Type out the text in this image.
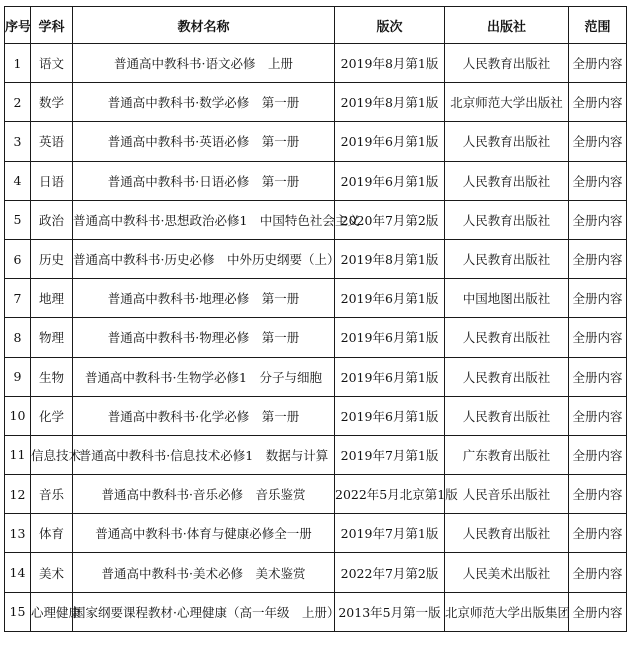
序号	学科	教材名称	版次	出版社	范围
1	语文	普通高中教科书·语文必修　上册	2019年8月第1版	人民教育出版社	全册内容
2	数学	普通高中教科书·数学必修　第一册	2019年8月第1版	北京师范大学出版社	全册内容
3	英语	普通高中教科书·英语必修　第一册	2019年6月第1版	人民教育出版社	全册内容
4	日语	普通高中教科书·日语必修　第一册	2019年6月第1版	人民教育出版社	全册内容
5	政治	普通高中教科书·思想政治必修1　中国特色社会主义	2020年7月第2版	人民教育出版社	全册内容
6	历史	普通高中教科书·历史必修　中外历史纲要（上）	2019年8月第1版	人民教育出版社	全册内容
7	地理	普通高中教科书·地理必修　第一册	2019年6月第1版	中国地图出版社	全册内容
8	物理	普通高中教科书·物理必修　第一册	2019年6月第1版	人民教育出版社	全册内容
9	生物	普通高中教科书·生物学必修1　分子与细胞	2019年6月第1版	人民教育出版社	全册内容
10	化学	普通高中教科书·化学必修　第一册	2019年6月第1版	人民教育出版社	全册内容
11	信息技术	普通高中教科书·信息技术必修1　数据与计算	2019年7月第1版	广东教育出版社	全册内容
12	音乐	普通高中教科书·音乐必修　音乐鉴赏	2022年5月北京第1版	人民音乐出版社	全册内容
13	体育	普通高中教科书·体育与健康必修全一册	2019年7月第1版	人民教育出版社	全册内容
14	美术	普通高中教科书·美术必修　美术鉴赏	2022年7月第2版	人民美术出版社	全册内容
15	心理健康	国家纲要课程教材·心理健康（高一年级　上册）	2013年5月第一版	北京师范大学出版集团	全册内容
